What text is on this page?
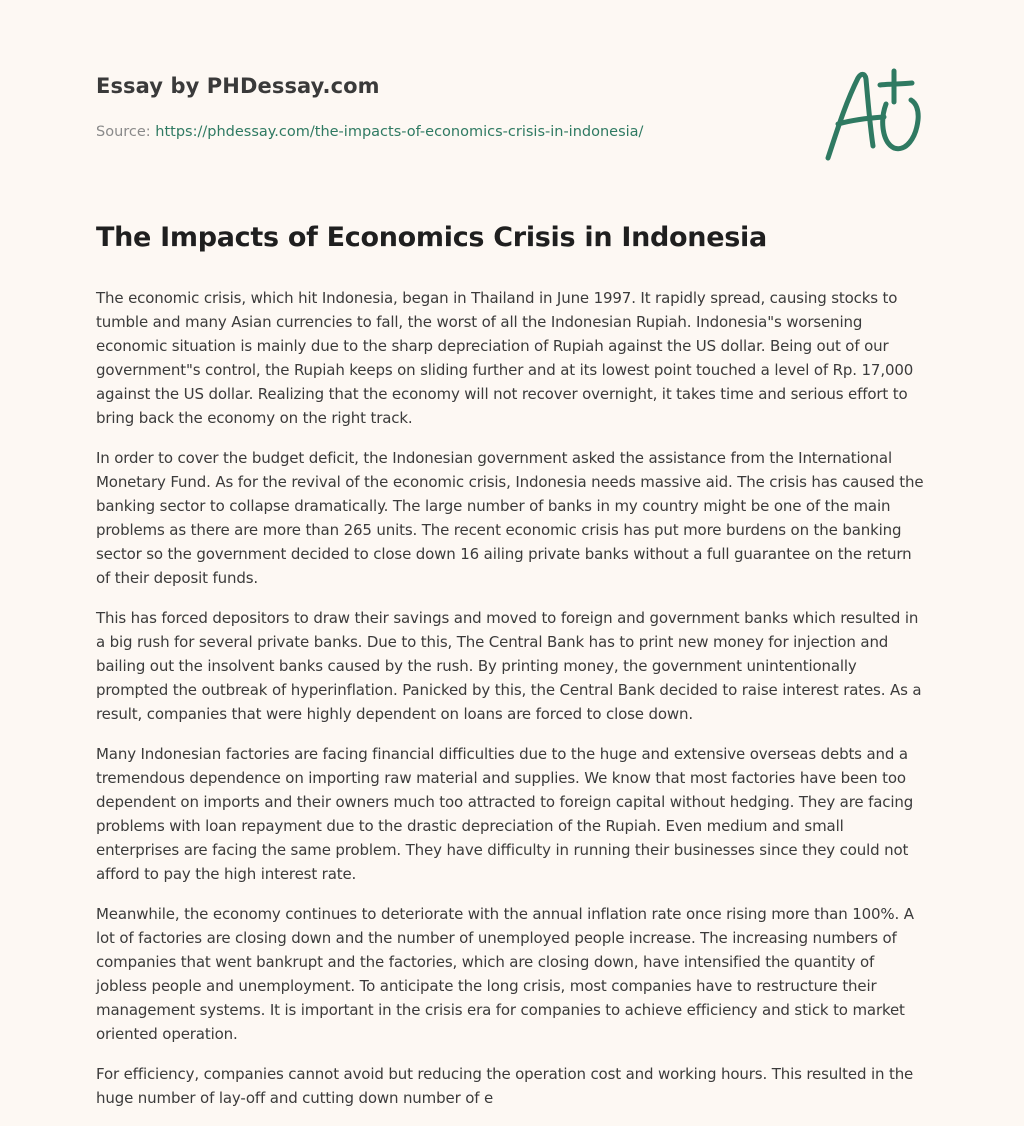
Essay by PHDessay.com
Source: https://phdessay.com/the-impacts-of-economics-crisis-in-indonesia/
The Impacts of Economics Crisis in Indonesia

The economic crisis, which hit Indonesia, began in Thailand in June 1997. It rapidly spread, causing stocks to tumble and many Asian currencies to fall, the worst of all the Indonesian Rupiah. Indonesia"s worsening economic situation is mainly due to the sharp depreciation of Rupiah against the US dollar. Being out of our government"s control, the Rupiah keeps on sliding further and at its lowest point touched a level of Rp. 17,000 against the US dollar. Realizing that the economy will not recover overnight, it takes time and serious effort to bring back the economy on the right track.

In order to cover the budget deficit, the Indonesian government asked the assistance from the International Monetary Fund. As for the revival of the economic crisis, Indonesia needs massive aid. The crisis has caused the banking sector to collapse dramatically. The large number of banks in my country might be one of the main problems as there are more than 265 units. The recent economic crisis has put more burdens on the banking sector so the government decided to close down 16 ailing private banks without a full guarantee on the return of their deposit funds.

This has forced depositors to draw their savings and moved to foreign and government banks which resulted in a big rush for several private banks. Due to this, The Central Bank has to print new money for injection and bailing out the insolvent banks caused by the rush. By printing money, the government unintentionally prompted the outbreak of hyperinflation. Panicked by this, the Central Bank decided to raise interest rates. As a result, companies that were highly dependent on loans are forced to close down.

Many Indonesian factories are facing financial difficulties due to the huge and extensive overseas debts and a tremendous dependence on importing raw material and supplies. We know that most factories have been too dependent on imports and their owners much too attracted to foreign capital without hedging. They are facing problems with loan repayment due to the drastic depreciation of the Rupiah. Even medium and small enterprises are facing the same problem. They have difficulty in running their businesses since they could not afford to pay the high interest rate.

Meanwhile, the economy continues to deteriorate with the annual inflation rate once rising more than 100%. A lot of factories are closing down and the number of unemployed people increase. The increasing numbers of companies that went bankrupt and the factories, which are closing down, have intensified the quantity of jobless people and unemployment. To anticipate the long crisis, most companies have to restructure their management systems. It is important in the crisis era for companies to achieve efficiency and stick to market oriented operation.

For efficiency, companies cannot avoid but reducing the operation cost and working hours. This resulted in the huge number of lay-off and cutting down number of e
